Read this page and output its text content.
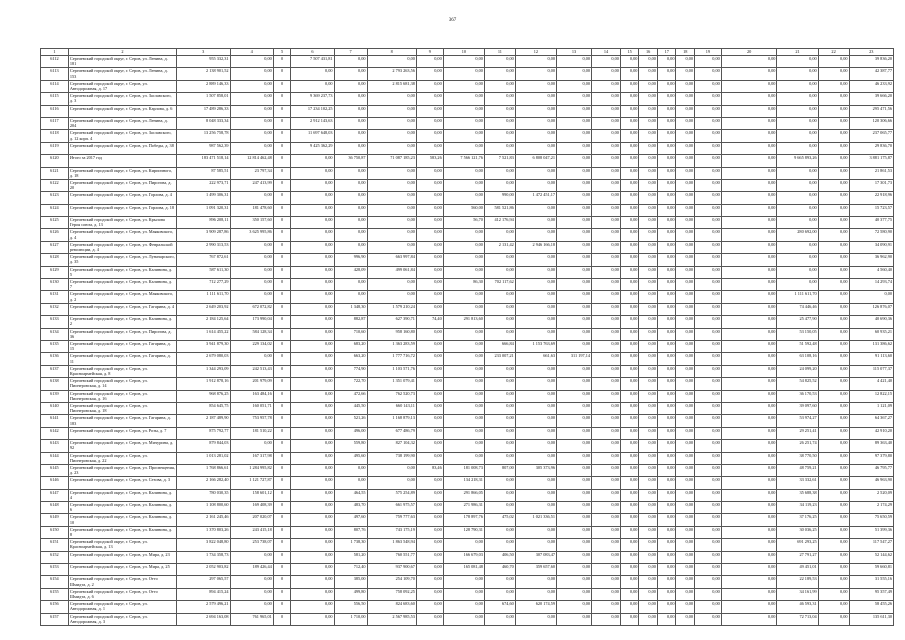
367
1	2	3	4	5	6	7	8	9	10	11	12	13	14	15	16	17	18	19	20	21	22	23
6112	Сергиевский городской округ, г. Серов, ул. Ленина, д. 181	955 332,31	0,00	0	7 507 431,81	0,00	0,00	0,00	0,00	0,00	0,00	0,00	0,00	0,00	0,00	0,00	0,00	0,00	0,00	0,00	0,00	39 836,20
6113	Сергиевский городской округ, г. Серов, ул. Ленина, д. 153	2 138 901,52	0,00	0	0,00	0,00	2 793 263,56	0,00	0,00	0,00	0,00	0,00	0,00	0,00	0,00	0,00	0,00	0,00	0,00	0,00	0,00	42 387,77
6114	Сергиевский городской округ, г. Серов, ул. Автодорожная, д. 17	2 889 146,33	0,00	0	0,00	0,00	2 815 681,38	0,00	0,00	0,00	0,00	0,00	0,00	0,00	0,00	0,00	0,00	0,00	0,00	0,00	0,00	46 233,92
6115	Сергиевский городской округ, г. Серов, ул. Заславского, д. 3	1 507 858,01	0,00	0	9 369 237,73	0,00	0,00	0,00	0,00	0,00	0,00	0,00	0,00	0,00	0,00	0,00	0,00	0,00	0,00	0,00	0,00	39 666,20
6116	Сергиевский городской округ, г. Серов, ул. Карлова, д. 6	17 489 286,33	0,00	0	17 234 102,25	0,00	0,00	0,00	0,00	0,00	0,00	0,00	0,00	0,00	0,00	0,00	0,00	0,00	0,00	0,00	0,00	295 471,56
6117	Сергиевский городской округ, г. Серов, ул. Ленина, д. 204	8 048 333,34	0,00	0	2 912 143,63	0,00	0,00	0,00	0,00	0,00	0,00	0,00	0,00	0,00	0,00	0,00	0,00	0,00	0,00	0,00	0,00	120 306,66
6118	Сергиевский городской округ, г. Серов, ул. Заславского, д. 12 корп. 4	13 256 758,78	0,00	0	11 697 648,03	0,00	0,00	0,00	0,00	0,00	0,00	0,00	0,00	0,00	0,00	0,00	0,00	0,00	0,00	0,00	0,00	237 065,77
6119	Сергиевский городской округ, г. Серов, ул. Победы, д. 38	987 562,39	0,00	0	9 425 362,29	0,00	0,00	0,00	0,00	0,00	0,00	0,00	0,00	0,00	0,00	0,00	0,00	0,00	0,00	0,00	0,00	29 836,70
6120	Итого за 2017 год	183 471 518,14	12 814 462,48	0	0,00	36 750,87	71 087 185,23	583,26	7 566 121,76	7 521,83	6 808 047,21	0,00	0,00	0,00	0,00	0,00	0,00	0,00	0,00	9 665 893,26	0,00	3 881 175,87
6121	Сергиевский городской округ, г. Серов, ул. Кирпичного, д. 18	87 585,51	23 797,34	0	0,00	0,00	0,00	0,00	0,00	0,00	0,00	0,00	0,00	0,00	0,00	0,00	0,00	0,00	0,00	0,00	0,00	21 861,53
6122	Сергиевский городской округ, г. Серов, ул. Пирогова, д. 20	222 973,71	247 413,99	0	0,00	0,00	0,00	0,00	0,00	0,00	0,00	0,00	0,00	0,00	0,00	0,00	0,00	0,00	0,00	0,00	0,00	17 301,73
6123	Сергиевский городской округ, г. Серов, ул. Горлова, д. 4	1 499 306,31	0,00	0	0,00	0,00	0,00	0,00	0,00	990,00	1 472 451,17	0,00	0,00	0,00	0,00	0,00	0,00	0,00	0,00	0,00	0,00	22 918,96
6124	Сергиевский городской округ, г. Серов, ул. Горлова, д. 18	1 091 320,31	181 478,60	0	0,00	0,00	0,00	0,00	560,00	581 521,86	0,00	0,00	0,00	0,00	0,00	0,00	0,00	0,00	0,00	0,00	0,00	15 723,57
6125	Сергиевский городской округ, г. Серов, ул. Крылова Героя союза, д. 13	896 208,11	350 157,60	0	0,00	0,00	0,00	0,00	56,70	412 176,94	0,00	0,00	0,00	0,00	0,00	0,00	0,00	0,00	0,00	0,00	0,00	40 377,75
6126	Сергиевский городской округ, г. Серов, ул. Маяковского, д. 4	3 909 287,86	3 625 995,86	0	0,00	0,00	0,00	0,00	0,00	0,00	0,00	0,00	0,00	0,00	0,00	0,00	0,00	0,00	0,00	280 692,00	0,00	72 580,90
6127	Сергиевский городской округ, г. Серов, ул. Февральской революции, д. 4	2 990 313,53	0,00	0	0,00	0,00	0,00	0,00	0,00	2 131,42	2 946 166,18	0,00	0,00	0,00	0,00	0,00	0,00	0,00	0,00	0,00	0,00	34 090,91
6128	Сергиевский городской округ, г. Серов, ул. Луначарского, д. 35	767 872,61	0,00	0	0,00	996,90	663 997,84	0,00	0,00	0,00	0,00	0,00	0,00	0,00	0,00	0,00	0,00	0,00	0,00	0,00	0,00	36 962,90
6129	Сергиевский городской округ, г. Серов, ул. Калинина, д. 5	587 611,30	0,00	0	0,00	428,09	499 061,84	0,00	0,00	0,00	0,00	0,00	0,00	0,00	0,00	0,00	0,00	0,00	0,00	0,00	0,00	4 560,40
6130	Сергиевский городской округ, г. Серов, ул. Калинина, д. 7	712 277,29	0,00	0	0,00	0,00	0,00	0,00	86,30	702 117,62	0,00	0,00	0,00	0,00	0,00	0,00	0,00	0,00	0,00	0,00	0,00	14 293,74
6131	Сергиевский городской округ, г. Серов, ул. Маяковского, д. 2	1 111 611,70	0,00	0	0,00	0,00	0,00	0,00	0,00	0,00	0,00	0,00	0,00	0,00	0,00	0,00	0,00	0,00	0,00	1 111 611,70	0,00	0,00
6132	Сергиевский городской округ, г. Серов, ул. Гагарина, д. 4	2 649 203,92	672 072,82	0	0,00	1 348,30	1 579 210,24	0,00	0,00	0,00	0,00	0,00	0,00	0,00	0,00	0,00	0,00	0,00	0,00	74 446,46	0,00	126 876,07
6133	Сергиевский городской округ, г. Серов, ул. Калинина, д. 2	2 184 125,64	173 990,04	0	0,00	882,87	627 390,71	74,40	291 813,60	0,00	0,00	0,00	0,00	0,00	0,00	0,00	0,00	0,00	0,00	25 477,90	0,00	40 690,36
6134	Сергиевский городской округ, г. Серов, ул. Пирогова, д. 36	1 614 455,22	584 128,34	0	0,00	710,60	958 160,80	0,00	0,00	0,00	0,00	0,00	0,00	0,00	0,00	0,00	0,00	0,00	0,00	53 150,05	0,00	60 935,21
6135	Сергиевский городской округ, г. Серов, ул. Гагарина, д. 15	3 941 879,30	229 134,02	0	0,00	683,20	1 363 283,59	0,00	0,00	666,84	1 153 763,69	0,00	0,00	0,00	0,00	0,00	0,00	0,00	0,00	51 592,48	0,00	131 386,62
6136	Сергиевский городской округ, г. Серов, ул. Гагарина, д. 11	2 679 080,03	0,00	0	0,00	663,20	1 777 716,72	0,00	0,00	233 007,21	661,63	311 197,14	0,00	0,00	0,00	0,00	0,00	0,00	0,00	63 108,16	0,00	91 113,60
6137	Сергиевский городской округ, г. Серов, ул. Красноармейская, д. 8	1 344 293,09	242 513,43	0	0,00	774,90	1 103 571,76	0,00	0,00	0,00	0,00	0,00	0,00	0,00	0,00	0,00	0,00	0,00	0,00	24 099,20	0,00	115 077,37
6138	Сергиевский городской округ, г. Серов, ул. Пионеровская, д. 14	1 912 878,16	201 979,09	0	0,00	722,70	1 351 079,41	0,00	0,00	0,00	0,00	0,00	0,00	0,00	0,00	0,00	0,00	0,00	0,00	54 825,52	0,00	4 421,40
6139	Сергиевский городской округ, г. Серов, ул. Пионеровская, д. 16	968 876,25	163 484,16	0	0,00	472,66	762 520,73	0,00	0,00	0,00	0,00	0,00	0,00	0,00	0,00	0,00	0,00	0,00	0,00	36 170,53	0,00	12 822,15
6140	Сергиевский городской округ, г. Серов, ул. Пионеровская, д. 18	854 645,75	160 051,71	0	0,00	445,50	660 143,11	0,00	0,00	0,00	0,00	0,00	0,00	0,00	0,00	0,00	0,00	0,00	0,00	39 097,60	0,00	1 121,09
6141	Сергиевский городской округ, г. Серов, ул. Гагарина, д. 183	2 187 489,90	753 957,78	0	0,00	521,26	1 168 879,13	0,00	0,00	0,00	0,00	0,00	0,00	0,00	0,00	0,00	0,00	0,00	0,00	53 974,27	0,00	64 367,27
6142	Сергиевский городской округ, г. Серов, ул. Розы, д. 7	875 792,77	181 510,22	0	0,00	496,00	677 486,79	0,00	0,00	0,00	0,00	0,00	0,00	0,00	0,00	0,00	0,00	0,00	0,00	29 251,41	0,00	42 910,20
6143	Сергиевский городской округ, г. Серов, ул. Мичурина, д. 92	879 844,03	0,00	0	0,00	559,80	827 104,32	0,00	0,00	0,00	0,00	0,00	0,00	0,00	0,00	0,00	0,00	0,00	0,00	26 251,74	0,00	89 363,40
6144	Сергиевский городской округ, г. Серов, ул. Пионеровская, д. 22	1 013 281,02	167 317,98	0	0,00	495,60	738 199,90	0,00	0,00	0,00	0,00	0,00	0,00	0,00	0,00	0,00	0,00	0,00	0,00	38 770,50	0,00	97 379,80
6145	Сергиевский городской округ, г. Серов, ул. Просвещения, д. 23	1 768 866,61	1 284 995,82	0	0,00	0,00	0,00	83,46	181 008,73	807,00	305 373,96	0,00	0,00	0,00	0,00	0,00	0,00	0,00	0,00	48 759,21	0,00	46 795,77
6146	Сергиевский городской округ, г. Серов, ул. Сезова, д. 3	2 166 282,40	1 121 727,87	0	0,00	0,00	0,00	0,00	134 218,31	0,00	0,00	0,00	0,00	0,00	0,00	0,00	0,00	0,00	0,00	33 332,61	0,00	46 963,90
6147	Сергиевский городской округ, г. Серов, ул. Калинина, д. 4	780 030,35	158 601,12	0	0,00	464,55	575 254,89	0,00	291 866,05	0,00	0,00	0,00	0,00	0,00	0,00	0,00	0,00	0,00	0,00	35 688,38	0,00	2 520,09
6148	Сергиевский городской округ, г. Серов, ул. Калинина, д. 6	1 108 800,60	169 408,39	0	0,00	483,70	661 975,57	0,00	271 986,31	0,00	0,00	0,00	0,00	0,00	0,00	0,00	0,00	0,00	0,00	34 119,23	0,00	2 174,29
6149	Сергиевский городской округ, г. Серов, ул. Калинина, д. 10	2 161 245,46	207 020,07	0	0,00	497,60	759 777,63	0,00	178 897,76	475,02	1 021 336,51	0,00	0,00	0,00	0,00	0,00	0,00	0,00	0,00	37 176,25	0,00	75 650,59
6150	Сергиевский городской округ, г. Серов, ул. Калинина, д. 8	1 370 803,26	243 415,18	0	0,00	807,76	743 175,19	0,00	128 790,31	0,00	0,00	0,00	0,00	0,00	0,00	0,00	0,00	0,00	0,00	30 036,25	0,00	51 399,36
6151	Сергиевский городской округ, г. Серов, ул. Красноармейская, д. 13	3 822 048,80	253 738,07	0	0,00	1 738,30	1 863 548,94	0,00	0,00	0,00	0,00	0,00	0,00	0,00	0,00	0,00	0,00	0,00	0,00	691 293,25	0,00	117 547,27
6152	Сергиевский городской округ, г. Серов, ул. Мира, д. 23	1 734 358,73	0,00	0	0,00	581,20	760 551,77	0,00	166 679,03	406,50	307 083,47	0,00	0,00	0,00	0,00	0,00	0,00	0,00	0,00	27 791,27	0,00	52 144,62
6153	Сергиевский городской округ, г. Серов, ул. Мира, д. 25	2 052 903,82	189 426,44	0	0,00	712,40	937 900,67	0,00	165 081,48	460,70	359 657,60	0,00	0,00	0,00	0,00	0,00	0,00	0,00	0,00	49 451,01	0,00	59 660,81
6154	Сергиевский городской округ, г. Серов, ул. Отто Шмидта, д. 2	297 065,57	0,00	0	0,00	385,00	254 109,70	0,00	0,00	0,00	0,00	0,00	0,00	0,00	0,00	0,00	0,00	0,00	0,00	22 189,53	0,00	31 555,16
6155	Сергиевский городской округ, г. Серов, ул. Отто Шмидта, д. 6	894 415,24	0,00	0	0,00	499,80	758 092,25	0,00	0,00	0,00	0,00	0,00	0,00	0,00	0,00	0,00	0,00	0,00	0,00	34 161,99	0,00	95 357,49
6156	Сергиевский городской округ, г. Серов, ул. Автодорожная, д. 1	2 579 496,21	0,00	0	0,00	556,50	824 683,60	0,00	0,00	674,60	620 174,59	0,00	0,00	0,00	0,00	0,00	0,00	0,00	0,00	46 593,31	0,00	58 455,26
6157	Сергиевский городской округ, г. Серов, ул. Автодорожная, д. 3	2 694 163,08	761 965,01	0	0,00	1 710,00	2 567 985,53	0,00	0,00	0,00	0,00	0,00	0,00	0,00	0,00	0,00	0,00	0,00	0,00	72 713,04	0,00	135 611,30
